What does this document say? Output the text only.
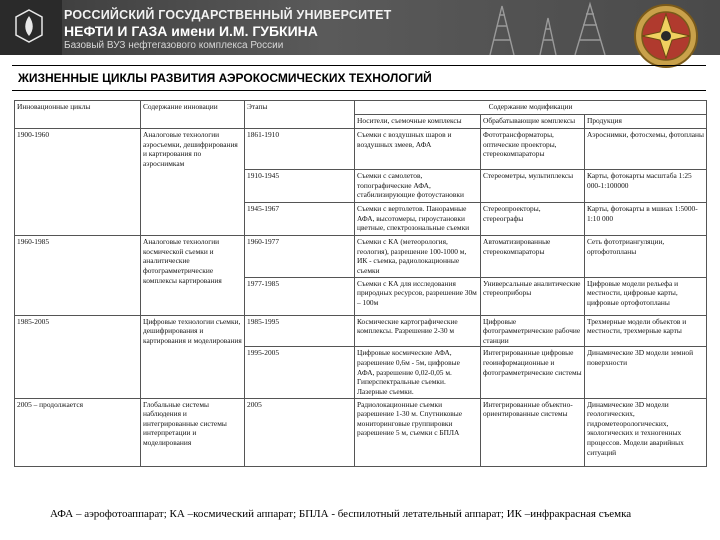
РОССИЙСКИЙ ГОСУДАРСТВЕННЫЙ УНИВЕРСИТЕТ
НЕФТИ И ГАЗА имени И.М. ГУБКИНА
Базовый ВУЗ нефтегазового комплекса России
ЖИЗНЕННЫЕ ЦИКЛЫ РАЗВИТИЯ АЭРОКОСМИЧЕСКИХ ТЕХНОЛОГИЙ
Инновационные циклы	Содержание инновации	Этапы	Содержание модификации		
			Носители, съемочные комплексы	Обрабатывающие комплексы	Продукция
1900-1960	Аналоговые технологии аэросъемки, дешифрирования и картирования по аэроснимкам	1861-1910	Съемки с воздушных шаров и воздушных змеев, АФА	Фототрансформаторы, оптические проекторы, стереокомпараторы	Аэроснимки, фотосхемы, фотопланы
		1910-1945	Съемки с самолетов, топографические АФА, стабилизирующие фотоустановки	Стереометры, мультиплексы	Карты, фотокарты масштаба 1:25 000-1:100000
		1945-1967	Съемки с вертолетов. Панорамные АФА, высотомеры, гироустановки цветные, спектрозональные съемки	Стереопроекторы, стереографы	Карты, фотокарты в мшиах 1:5000-1:10 000
1960-1985	Аналоговые технологии космической съемки и аналитические фотограмметрические комплексы картирования	1960-1977	Съемки с КА (метеорология, геология), разрешение 100-1000 м, ИК - съемка, радиолокационные съемки	Автоматизированные стереокомпараторы	Сеть фототриангуляции, ортофотопланы
		1977-1985	Съемки с КА для исследования природных ресурсов, разрешение 30м – 100м	Универсальные аналитические стереоприборы	Цифровые модели рельефа и местности, цифровые карты, цифровые ортофотопланы
1985-2005	Цифровые технологии съемки, дешифрирования и картирования и моделирования	1985-1995	Космические картографические комплексы. Разрешение 2-30 м	Цифровые фотограмметрические рабочие станции	Трехмерные модели объектов и местности, трехмерные карты
		1995-2005	Цифровые космические АФА, разрешение 0,6м - 5м, цифровые АФА, разрешение 0,02-0,05 м. Гиперспектральные съемки. Лазерные съемки.	Интегрированные цифровые геоинформационные и фотограмметрические системы	Динамические 3D модели земной поверхности
2005 – продолжается	Глобальные системы наблюдения и интегрированные системы интерпретации и моделирования	2005	Радиолокационные съемки разрешение 1-30 м. Спутниковые мониторинговые группировки разрешение 5 м, съемки с БПЛА	Интегрированные объектно-ориентированные системы	Динамические 3D модели геологических, гидрометеорологических, экологических и техногенных процессов. Модели аварийных ситуаций
АФА – аэрофотоаппарат; КА –космический аппарат; БПЛА - беспилотный летательный аппарат; ИК –инфракрасная съемка
